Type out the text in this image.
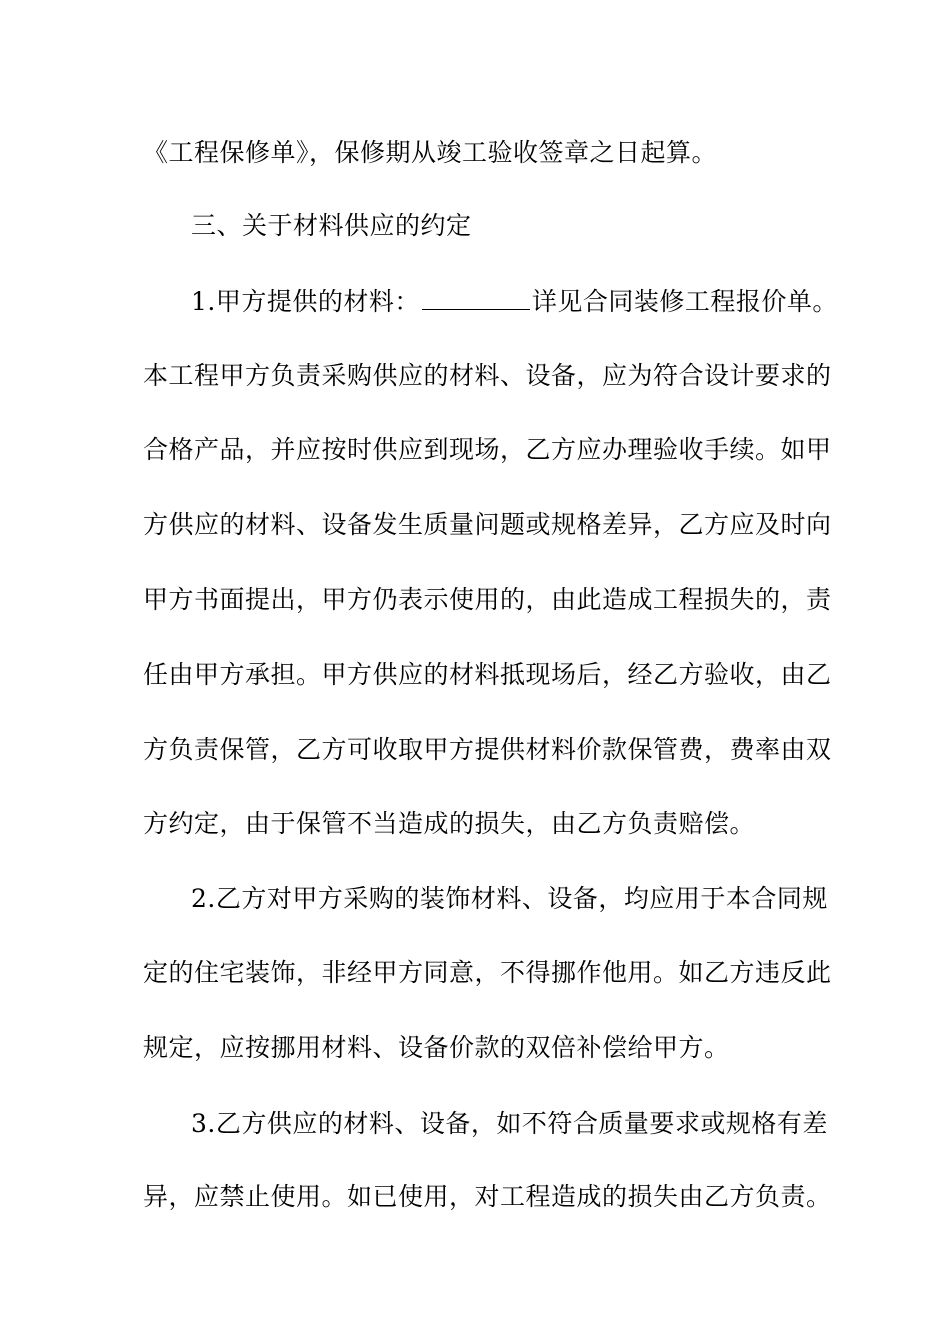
《工程保修单》，保修期从竣工验收签章之日起算。
三、关于材料供应的约定
1.甲方提供的材料：	详见合同装修工程报价单。
本工程甲方负责采购供应的材料、设备，应为符合设计要求的
合格产品，并应按时供应到现场，乙方应办理验收手续。如甲
方供应的材料、设备发生质量问题或规格差异，乙方应及时向
甲方书面提出，甲方仍表示使用的，由此造成工程损失的，责
任由甲方承担。甲方供应的材料抵现场后，经乙方验收，由乙
方负责保管，乙方可收取甲方提供材料价款保管费，费率由双
方约定，由于保管不当造成的损失，由乙方负责赔偿。
2.乙方对甲方采购的装饰材料、设备，均应用于本合同规
定的住宅装饰，非经甲方同意，不得挪作他用。如乙方违反此
规定，应按挪用材料、设备价款的双倍补偿给甲方。
3.乙方供应的材料、设备，如不符合质量要求或规格有差
异，应禁止使用。如已使用，对工程造成的损失由乙方负责。
